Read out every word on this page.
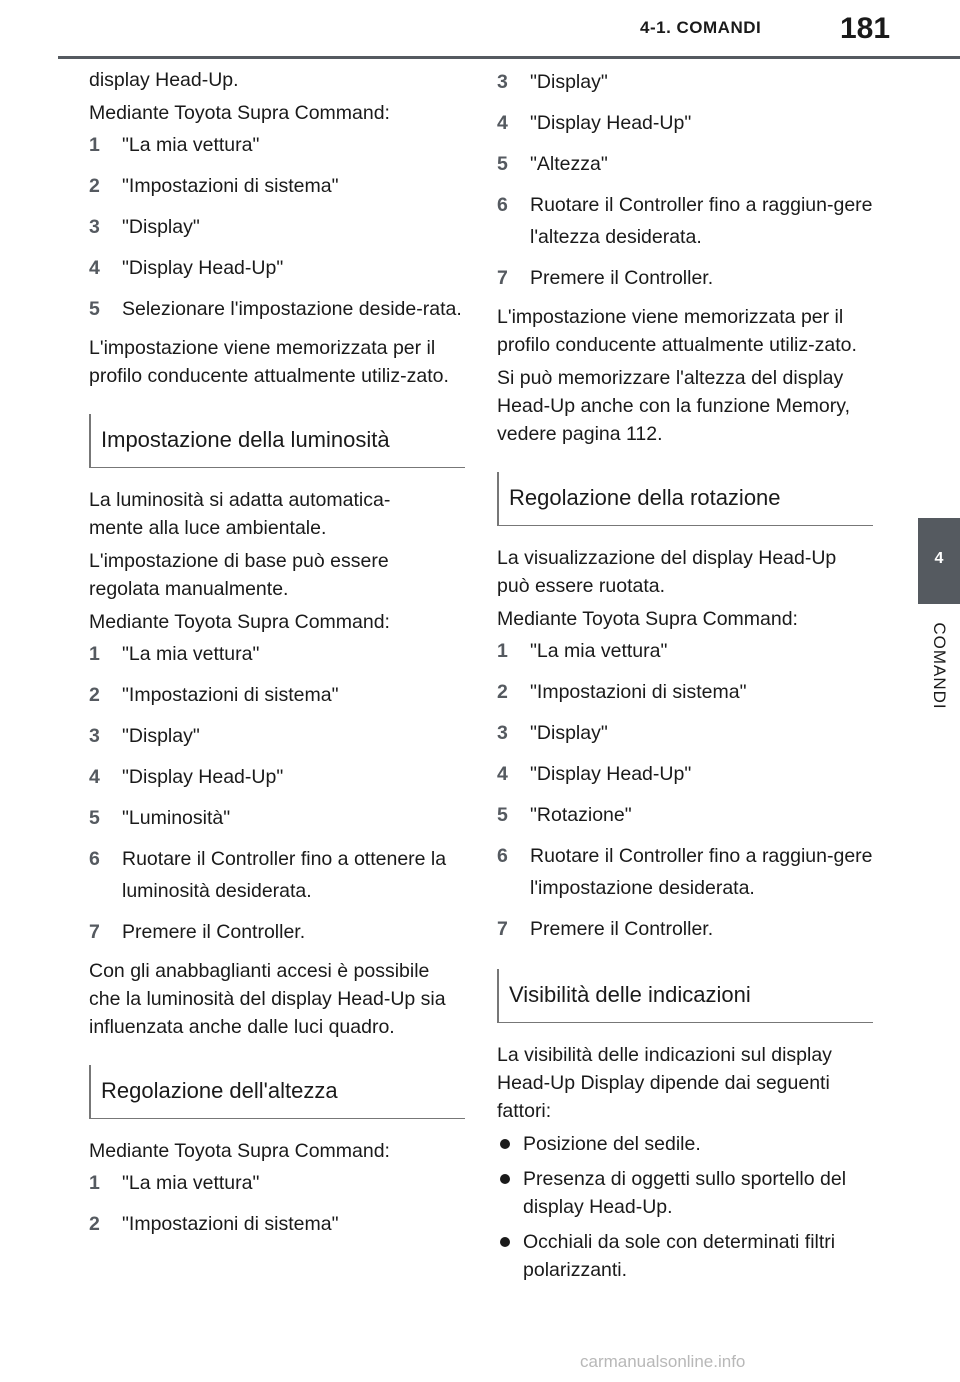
4-1. COMANDI	181
4
COMANDI

display Head-Up.

Mediante Toyota Supra Command:

1 "La mia vettura"
2 "Impostazioni di sistema"
3 "Display"
4 "Display Head-Up"
5 Selezionare l'impostazione deside-rata.

L'impostazione viene memorizzata per il profilo conducente attualmente utiliz-zato.

Impostazione della luminosità

La luminosità si adatta automatica-mente alla luce ambientale.

L'impostazione di base può essere regolata manualmente.

Mediante Toyota Supra Command:

1 "La mia vettura"
2 "Impostazioni di sistema"
3 "Display"
4 "Display Head-Up"
5 "Luminosità"
6 Ruotare il Controller fino a ottenere la luminosità desiderata.
7 Premere il Controller.

Con gli anabbaglianti accesi è possibile che la luminosità del display Head-Up sia influenzata anche dalle luci quadro.

Regolazione dell'altezza

Mediante Toyota Supra Command:

1 "La mia vettura"
2 "Impostazioni di sistema"
3 "Display"
4 "Display Head-Up"
5 "Altezza"
6 Ruotare il Controller fino a raggiun-gere l'altezza desiderata.
7 Premere il Controller.

L'impostazione viene memorizzata per il profilo conducente attualmente utiliz-zato.

Si può memorizzare l'altezza del display Head-Up anche con la funzione Memory, vedere pagina 112.

Regolazione della rotazione

La visualizzazione del display Head-Up può essere ruotata.

Mediante Toyota Supra Command:

1 "La mia vettura"
2 "Impostazioni di sistema"
3 "Display"
4 "Display Head-Up"
5 "Rotazione"
6 Ruotare il Controller fino a raggiun-gere l'impostazione desiderata.
7 Premere il Controller.
Visibilità delle indicazioni

La visibilità delle indicazioni sul display Head-Up Display dipende dai seguenti fattori:

Posizione del sedile.
Presenza di oggetti sullo sportello del display Head-Up.
Occhiali da sole con determinati filtri polarizzanti.
carmanualsonline.info
